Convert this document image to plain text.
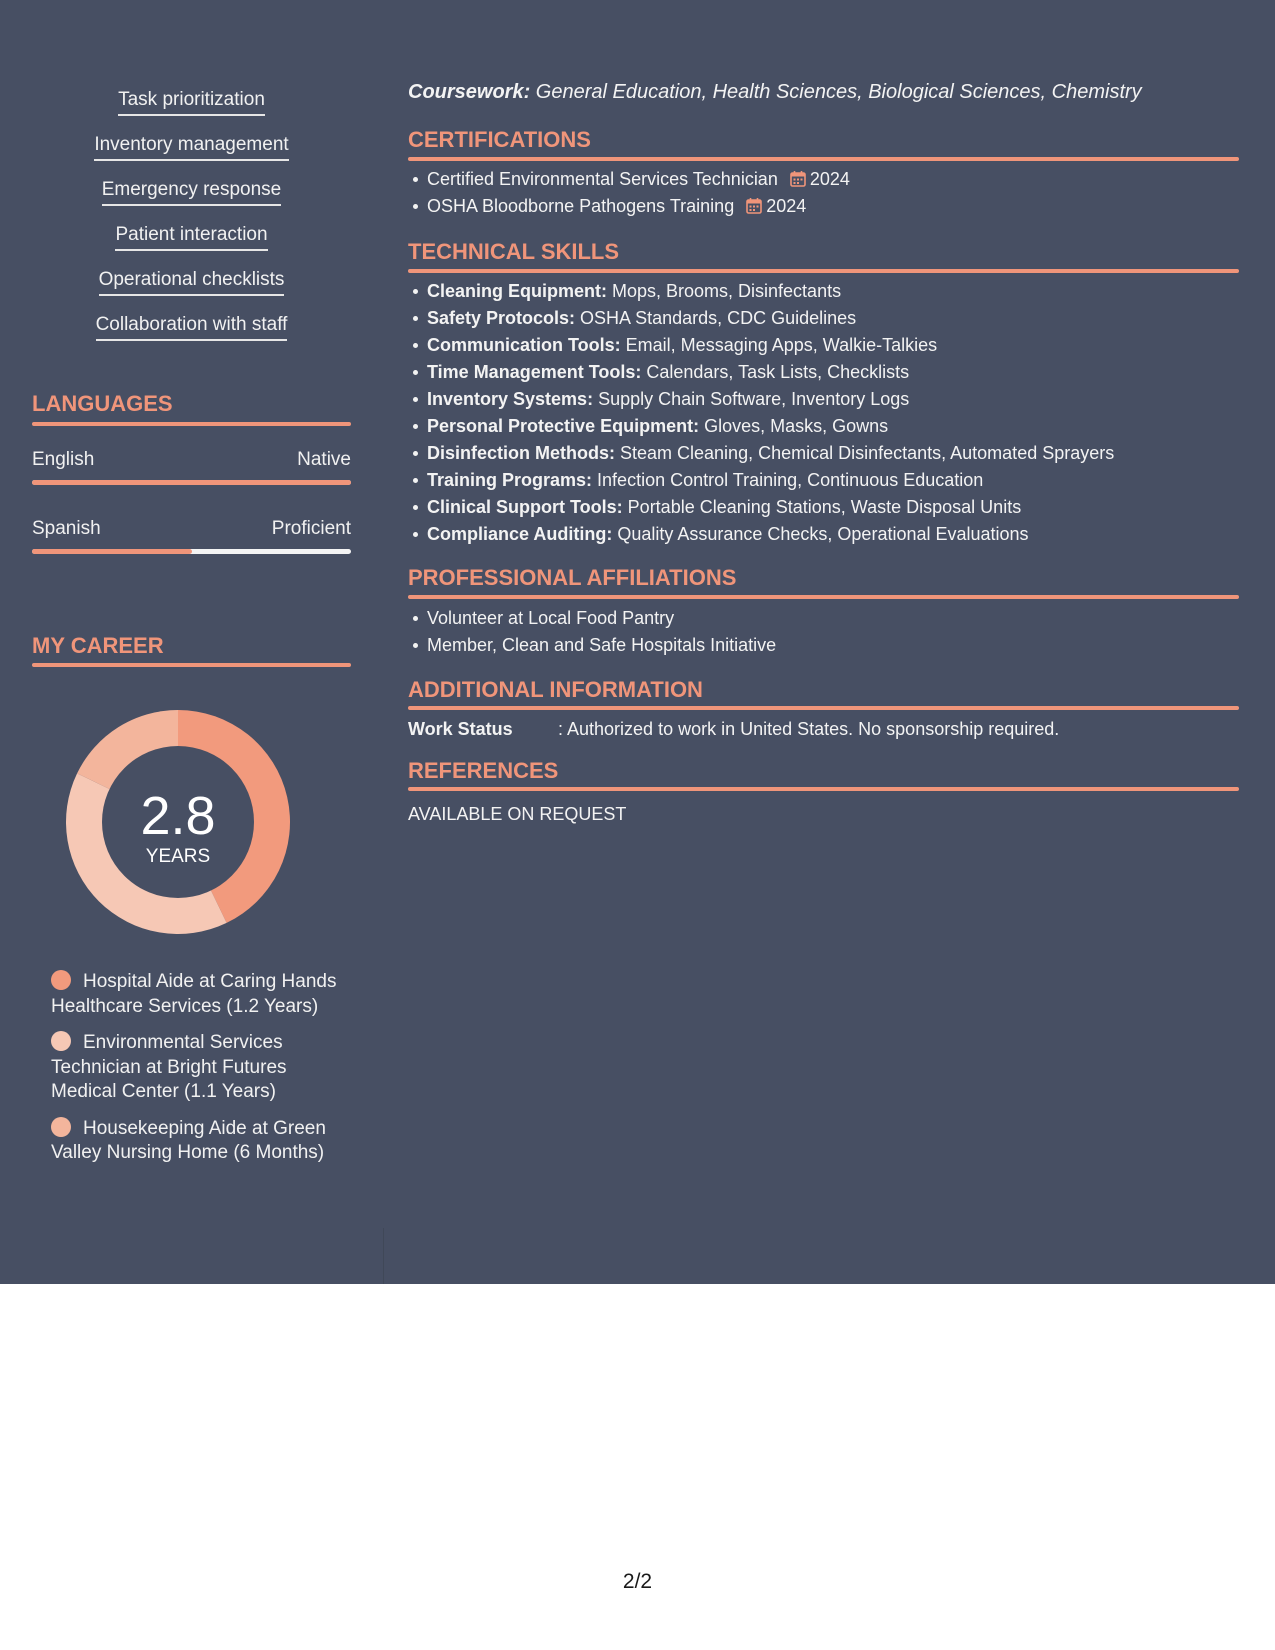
Task prioritization
Inventory management
Emergency response
Patient interaction
Operational checklists
Collaboration with staff
LANGUAGES
English	Native
Spanish	Proficient
MY CAREER
2.8
YEARS
Hospital Aide at Caring Hands Healthcare Services (1.2 Years)
Environmental Services Technician at Bright Futures Medical Center (1.1 Years)
Housekeeping Aide at Green Valley Nursing Home (6 Months)
Coursework: General Education, Health Sciences, Biological Sciences, Chemistry
CERTIFICATIONS
Certified Environmental Services Technician 2024
OSHA Bloodborne Pathogens Training 2024
TECHNICAL SKILLS
Cleaning Equipment: Mops, Brooms, Disinfectants
Safety Protocols: OSHA Standards, CDC Guidelines
Communication Tools: Email, Messaging Apps, Walkie-Talkies
Time Management Tools: Calendars, Task Lists, Checklists
Inventory Systems: Supply Chain Software, Inventory Logs
Personal Protective Equipment: Gloves, Masks, Gowns
Disinfection Methods: Steam Cleaning, Chemical Disinfectants, Automated Sprayers
Training Programs: Infection Control Training, Continuous Education
Clinical Support Tools: Portable Cleaning Stations, Waste Disposal Units
Compliance Auditing: Quality Assurance Checks, Operational Evaluations
PROFESSIONAL AFFILIATIONS
Volunteer at Local Food Pantry
Member, Clean and Safe Hospitals Initiative
ADDITIONAL INFORMATION
Work Status	: Authorized to work in United States. No sponsorship required.
REFERENCES
AVAILABLE ON REQUEST
2/2
